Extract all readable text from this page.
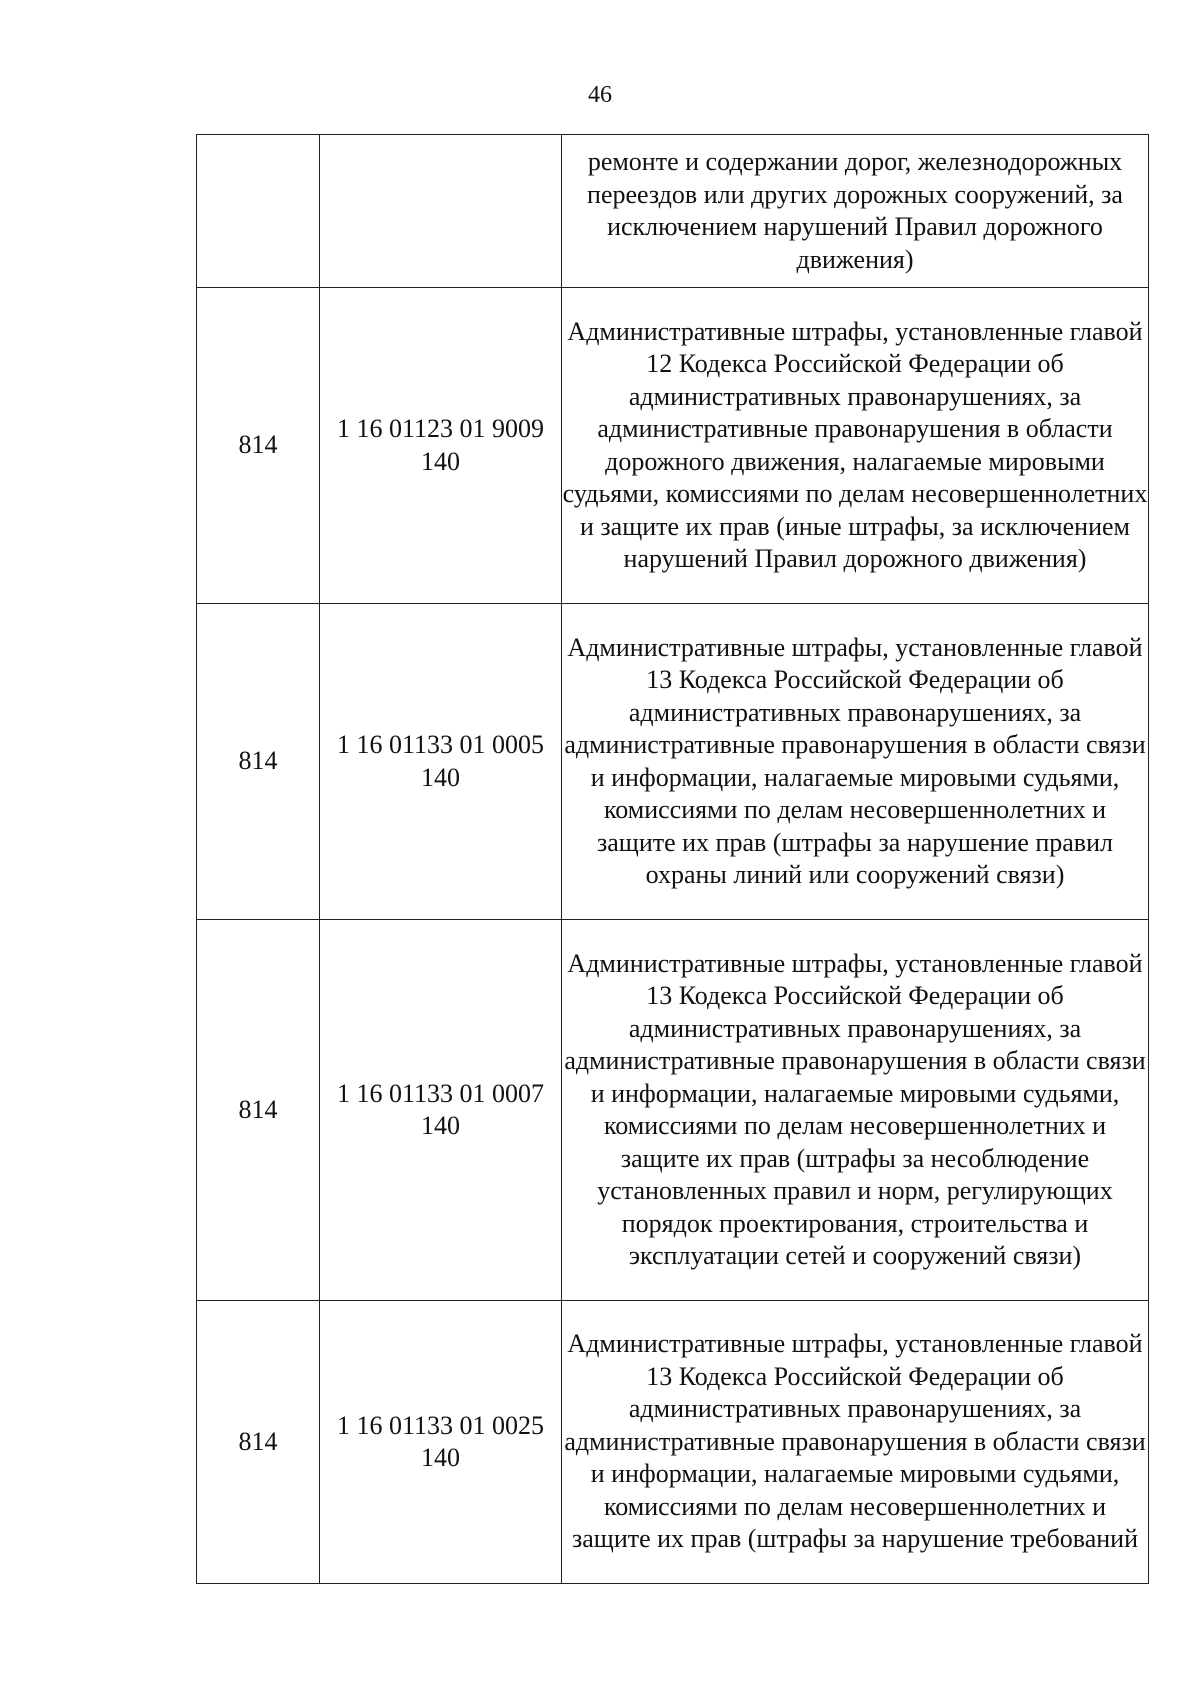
46
		ремонте и содержании дорог, железнодорожных переездов или других дорожных сооружений, за исключением нарушений Правил дорожного движения)
814	1 16 01123 01 9009 140	Административные штрафы, установленные главой 12 Кодекса Российской Федерации об административных правонарушениях, за административные правонарушения в области дорожного движения, налагаемые мировыми судьями, комиссиями по делам несовершеннолетних и защите их прав (иные штрафы, за исключением нарушений Правил дорожного движения)
814	1 16 01133 01 0005 140	Административные штрафы, установленные главой 13 Кодекса Российской Федерации об административных правонарушениях, за административные правонарушения в области связи и информации, налагаемые мировыми судьями, комиссиями по делам несовершеннолетних и защите их прав (штрафы за нарушение правил охраны линий или сооружений связи)
814	1 16 01133 01 0007 140	Административные штрафы, установленные главой 13 Кодекса Российской Федерации об административных правонарушениях, за административные правонарушения в области связи и информации, налагаемые мировыми судьями, комиссиями по делам несовершеннолетних и защите их прав (штрафы за несоблюдение установленных правил и норм, регулирующих порядок проектирования, строительства и эксплуатации сетей и сооружений связи)
814	1 16 01133 01 0025 140	Административные штрафы, установленные главой 13 Кодекса Российской Федерации об административных правонарушениях, за административные правонарушения в области связи и информации, налагаемые мировыми судьями, комиссиями по делам несовершеннолетних и защите их прав (штрафы за нарушение требований
